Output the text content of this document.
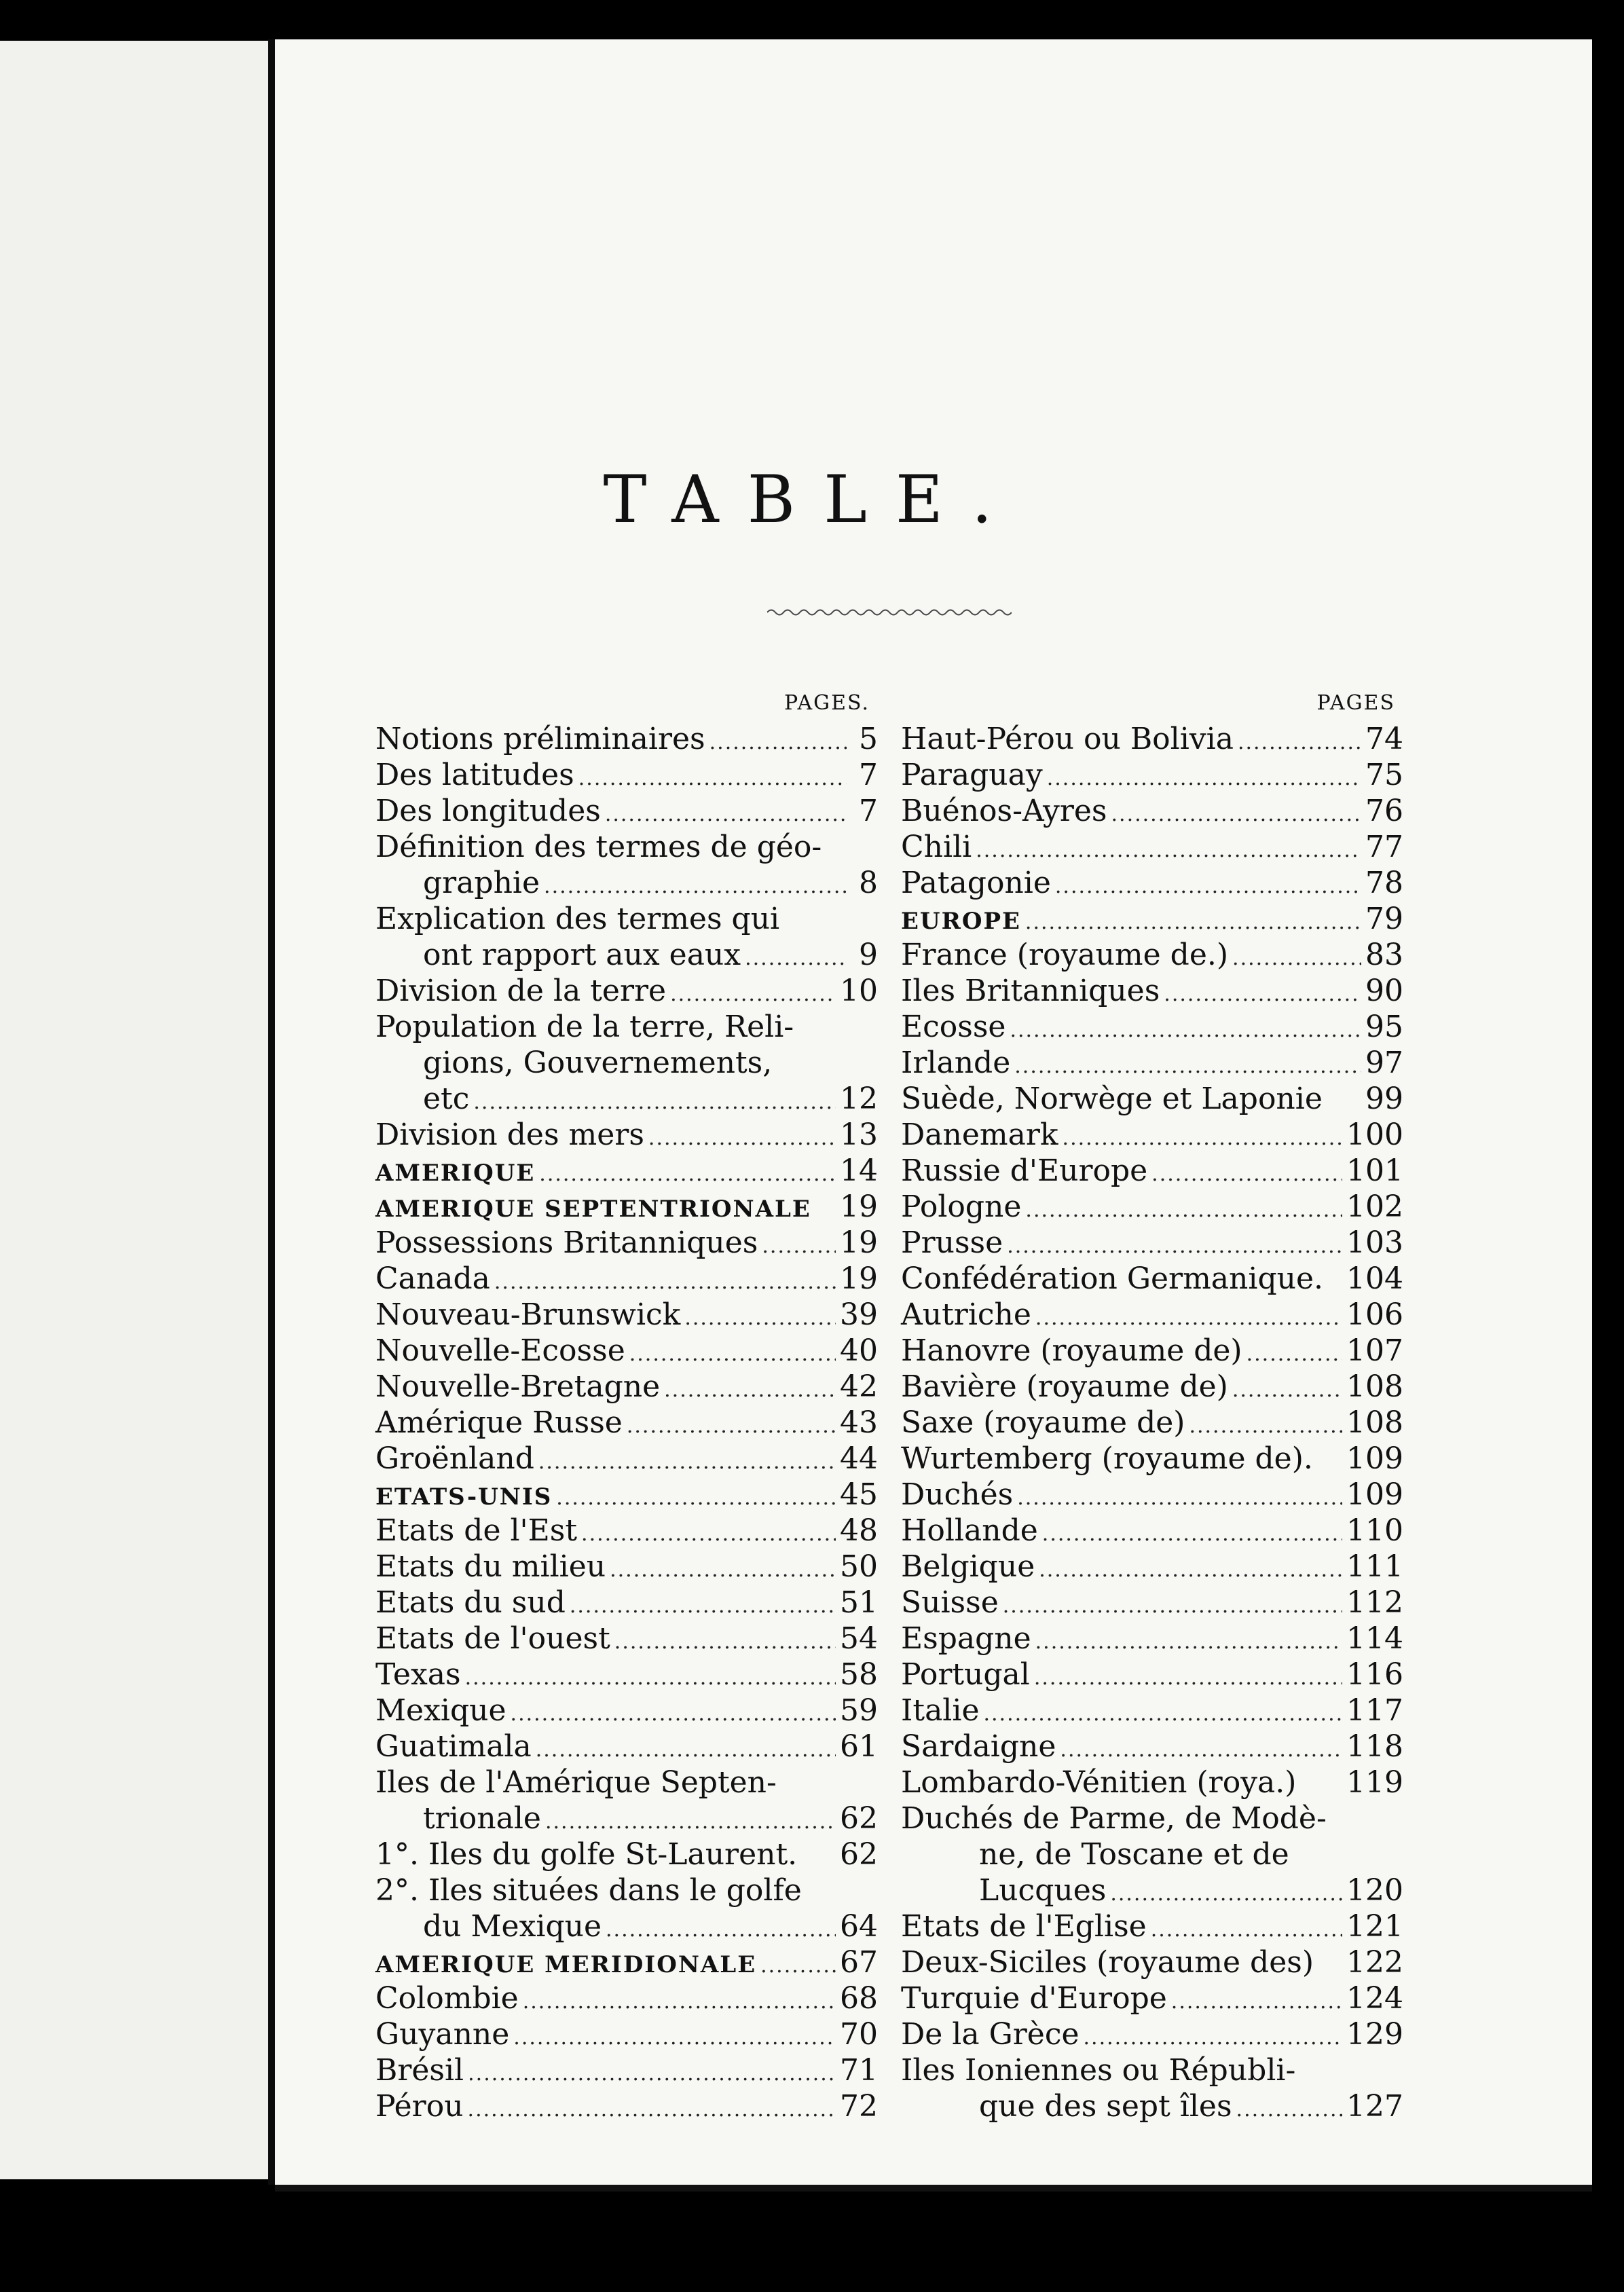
TABLE.
PAGES.
Notions préliminaires .....	5
Des latitudes .....	7
Des longitudes .....	7
Définition des termes de géo-
graphie .....	8
Explication des termes qui
ont rapport aux eaux .....	9
Division de la terre .....	10
Population de la terre, Reli-
gions, Gouvernements,
etc .....	12
Division des mers .....	13
AMERIQUE .....	14
AMERIQUE SEPTENTRIONALE 19
Possessions Britanniques .....	19
Canada .....	19
Nouveau-Brunswick .....	39
Nouvelle-Ecosse .....	40
Nouvelle-Bretagne .....	42
Amérique Russe .....	43
Groënland .....	44
ETATS-UNIS .....	45
Etats de l'Est .....	48
Etats du milieu .....	50
Etats du sud .....	51
Etats de l'ouest .....	54
Texas .....	58
Mexique .....	59
Guatimala .....	61
Iles de l'Amérique Septen-
trionale .....	62
1°. Iles du golfe St-Laurent. 62
2°. Iles situées dans le golfe
du Mexique .....	64
AMERIQUE MERIDIONALE .....	67
Colombie .....	68
Guyanne .....	70
Brésil .....	71
Pérou .....	72
PAGES
Haut-Pérou ou Bolivia .....	74
Paraguay .....	75
Buénos-Ayres .....	76
Chili .....	77
Patagonie .....	78
EUROPE .....	79
France (royaume de.) .....	83
Iles Britanniques .....	90
Ecosse .....	95
Irlande .....	97
Suède, Norwège et Laponie 99
Danemark .....	100
Russie d'Europe .....	101
Pologne .....	102
Prusse .....	103
Confédération Germanique. 104
Autriche .....	106
Hanovre (royaume de) .....	107
Bavière (royaume de) .....	108
Saxe (royaume de) .....	108
Wurtemberg (royaume de). 109
Duchés .....	109
Hollande .....	110
Belgique .....	111
Suisse .....	112
Espagne .....	114
Portugal .....	116
Italie .....	117
Sardaigne .....	118
Lombardo-Vénitien (roya.) 119
Duchés de Parme, de Modè-
ne, de Toscane et de
Lucques .....	120
Etats de l'Eglise .....	121
Deux-Siciles (royaume des) 122
Turquie d'Europe .....	124
De la Grèce .....	129
Iles Ioniennes ou Républi-
que des sept îles .....	127
